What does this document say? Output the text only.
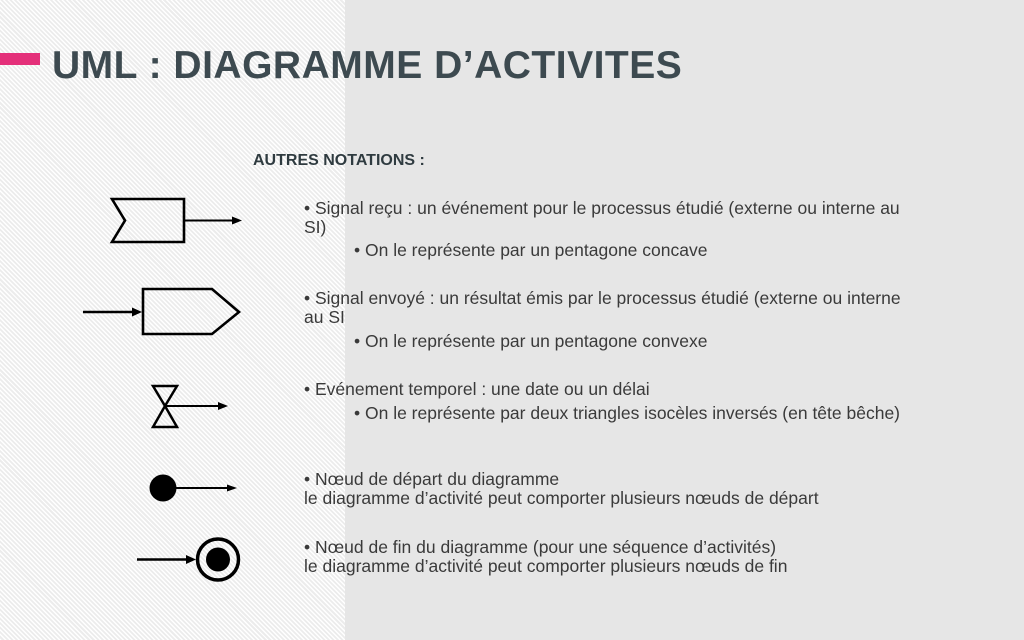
UML : DIAGRAMME D’ACTIVITES

AUTRES NOTATIONS :

• Signal reçu : un événement pour le processus étudié (externe ou interne au SI)
• On le représente par un pentagone concave
• Signal envoyé : un résultat émis par le processus étudié (externe ou interne au SI
• On le représente par un pentagone convexe
• Evénement temporel : une date ou un délai
• On le représente par deux triangles isocèles inversés (en tête bêche)
• Nœud de départ du diagramme
le diagramme d’activité peut comporter plusieurs nœuds de départ
• Nœud de fin du diagramme (pour une séquence d’activités)
le diagramme d’activité peut comporter plusieurs nœuds de fin
